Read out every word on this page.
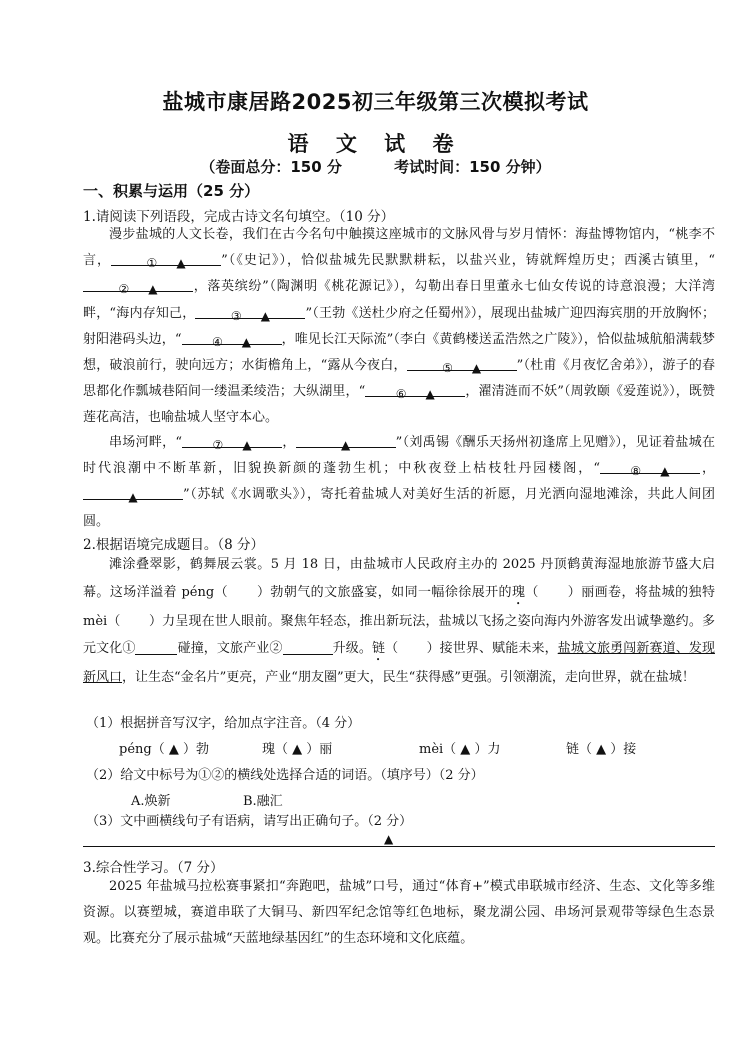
盐城市康居路2025初三年级第三次模拟考试
语 文 试 卷
（卷面总分：150 分          考试时间：150 分钟）
一、积累与运用（25 分）
1.请阅读下列语段，完成古诗文名句填空。（10 分）
漫步盐城的人文长卷，我们在古今名句中触摸这座城市的文脉风骨与岁月情怀：海盐博物馆内，“桃李不言，	①     ▲	”（《史记》），恰似盐城先民默默耕耘，以盐兴业，铸就辉煌历史；西溪古镇里，“②     ▲	，落英缤纷”（陶渊明《桃花源记》），勾勒出春日里董永七仙女传说的诗意浪漫；大洋湾畔，“海内存知己，	③     ▲	”（王勃《送杜少府之任蜀州》），展现出盐城广迎四海宾朋的开放胸怀；射阳港码头边，“	④     ▲ ，唯见长江天际流”（李白《黄鹤楼送孟浩然之广陵》），恰似盐城航船满载梦想，破浪前行，驶向远方；水街檐角上，“露从今夜白，	⑤     ▲	”（杜甫《月夜忆舍弟》），游子的春思都化作瓢城巷陌间一缕温柔绫浩；大纵湖里，“	⑥     ▲ ，濯清涟而不妖”（周敦颐《爱莲说》），既赞莲花高洁，也喻盐城人坚守本心。
串场河畔，“	⑦     ▲ ，	▲	”（刘禹锡《酬乐天扬州初逢席上见赠》），见证着盐城在时代浪潮中不断革新，旧貌换新颜的蓬勃生机；中秋夜登上枯枝牡丹园楼阁，“	⑧     ▲ ，▲	”（苏轼《水调歌头》），寄托着盐城人对美好生活的祈愿，月光洒向湿地滩涂，共此人间团圆。
2.根据语境完成题目。（8 分）
滩涂叠翠影，鹤舞展云裳。5 月 18 日，由盐城市人民政府主办的 2025 丹顶鹤黄海湿地旅游节盛大启幕。这场洋溢着 péng（ ）勃朝气的文旅盛宴，如同一幅徐徐展开的瑰（ ）丽画卷，将盐城的独特 mèi（ ）力呈现在世人眼前。聚焦年轻态，推出新玩法，盐城以飞扬之姿向海内外游客发出诚挚邀约。多元文化①	碰撞，文旅产业②	升级。链（ ）接世界、赋能未来，盐城文旅勇闯新赛道、发现新风口，让生态“金名片”更亮，产业“朋友圈”更大，民生“获得感”更强。引领潮流，走向世界，就在盐城！
（1）根据拼音写汉字，给加点字注音。（4 分）
péng（ ▲ ）勃	瑰（ ▲ ）丽	mèi（ ▲ ）力	链（ ▲ ）接
（2）给文中标号为①②的横线处选择合适的词语。（填序号）（2 分）
A.焕新	B.融汇
（3）文中画横线句子有语病，请写出正确句子。（2 分）
▲
3.综合性学习。（7 分）
2025 年盐城马拉松赛事紧扣“奔跑吧，盐城”口号，通过“体育+”模式串联城市经济、生态、文化等多维资源。以赛塑城，赛道串联了大铜马、新四军纪念馆等红色地标，聚龙湖公园、串场河景观带等绿色生态景观。比赛充分了展示盐城“天蓝地绿基因红”的生态环境和文化底蕴。
